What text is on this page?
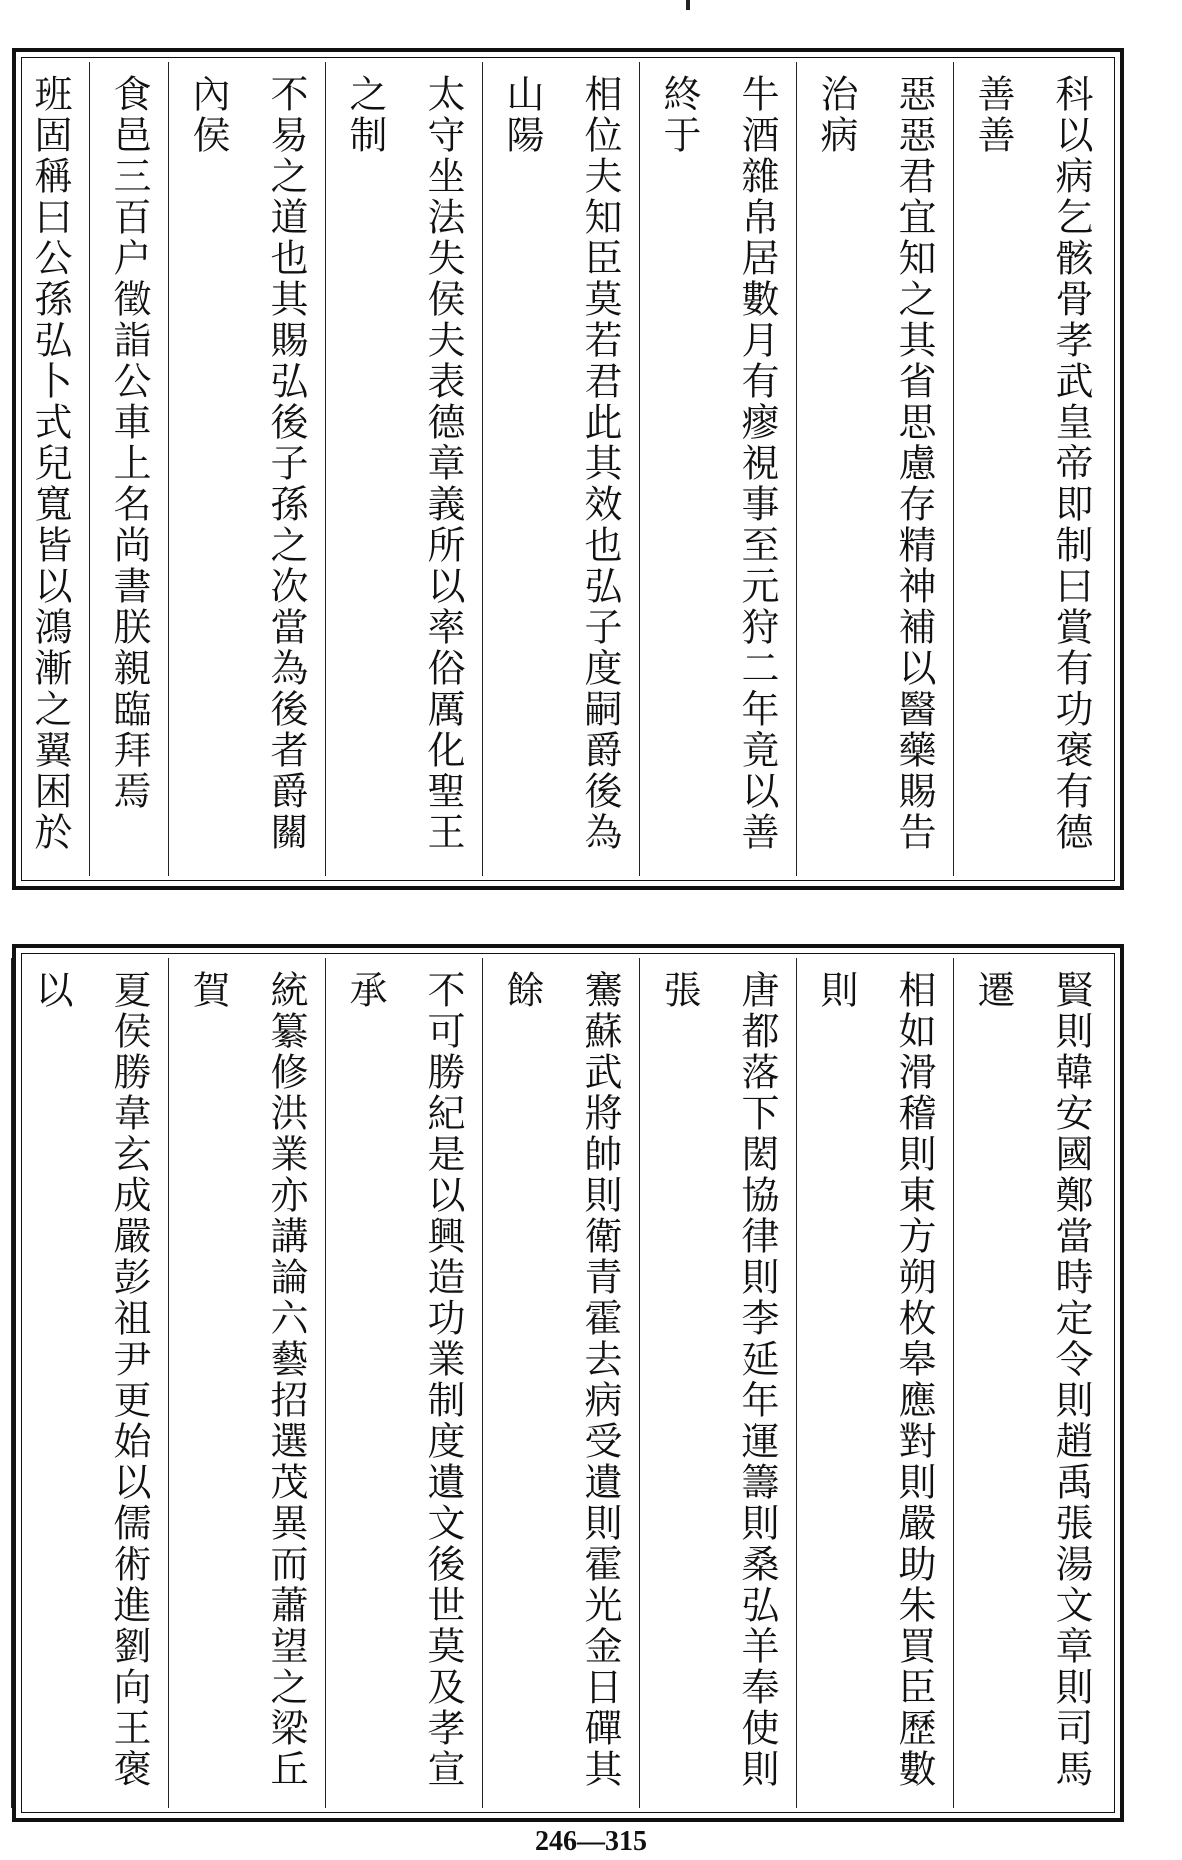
科以病乞骸骨孝武皇帝即制曰賞有功褒有德善善
惡惡君宜知之其省思慮存精神補以醫藥賜告治病
牛酒雜帛居數月有瘳視事至元狩二年竟以善終于
相位夫知臣莫若君此其效也弘子度嗣爵後為山陽
太守坐法失侯夫表德章義所以率俗厲化聖王之制
不易之道也其賜弘後子孫之次當為後者爵關內侯
食邑三百户徵詣公車上名尚書朕親臨拜焉
班固稱曰公孫弘卜式兒寬皆以鴻漸之翼困於
賢則韓安國鄭當時定令則趙禹張湯文章則司馬遷
相如滑稽則東方朔枚皋應對則嚴助朱買臣歷數則
唐都落下閎協律則李延年運籌則桑弘羊奉使則張
騫蘇武將帥則衛青霍去病受遺則霍光金日磾其餘
不可勝紀是以興造功業制度遺文後世莫及孝宣承
統纂修洪業亦講論六藝招選茂異而蕭望之梁丘賀
夏侯勝韋玄成嚴彭祖尹更始以儒術進劉向王褒以
246—315
